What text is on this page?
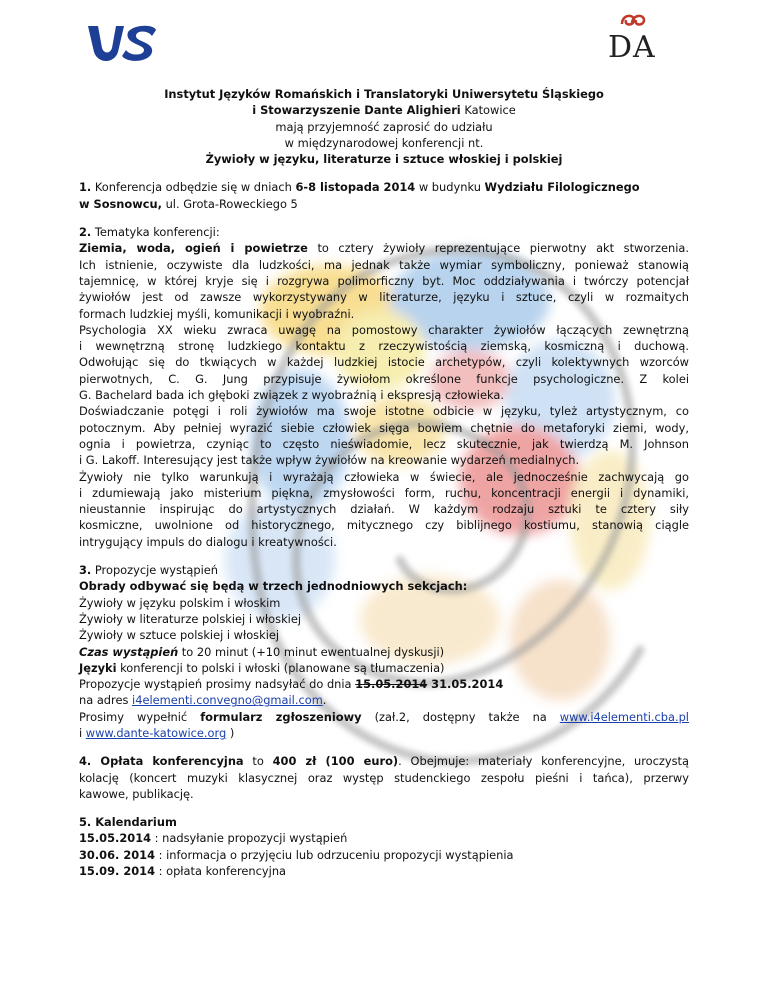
DA
Instytut Języków Romańskich i Translatoryki Uniwersytetu Śląskiego
i Stowarzyszenie Dante Alighieri Katowice
mają przyjemność zaprosić do udziału
w międzynarodowej konferencji nt.
Żywioły w języku, literaturze i sztuce włoskiej i polskiej
1. Konferencja odbędzie się w dniach 6-8 listopada 2014 w budynku Wydziału Filologicznego
w Sosnowcu, ul. Grota-Roweckiego 5
2. Tematyka konferencji:
Ziemia, woda, ogień i powietrze to cztery żywioły reprezentujące pierwotny akt stworzenia.
Ich istnienie, oczywiste dla ludzkości, ma jednak także wymiar symboliczny, ponieważ stanowią
tajemnicę, w której kryje się i rozgrywa polimorficzny byt. Moc oddziaływania i twórczy potencjał
żywiołów jest od zawsze wykorzystywany w literaturze, języku i sztuce, czyli w rozmaitych
formach ludzkiej myśli, komunikacji i wyobraźni.
Psychologia XX wieku zwraca uwagę na pomostowy charakter żywiołów łączących zewnętrzną
i wewnętrzną stronę ludzkiego kontaktu z rzeczywistością ziemską, kosmiczną i duchową.
Odwołując się do tkwiących w każdej ludzkiej istocie archetypów, czyli kolektywnych wzorców
pierwotnych, C. G. Jung przypisuje żywiołom określone funkcje psychologiczne. Z kolei
G. Bachelard bada ich głęboki związek z wyobraźnią i ekspresją człowieka.
Doświadczanie potęgi i roli żywiołów ma swoje istotne odbicie w języku, tyleż artystycznym, co
potocznym. Aby pełniej wyrazić siebie człowiek sięga bowiem chętnie do metaforyki ziemi, wody,
ognia i powietrza, czyniąc to często nieświadomie, lecz skutecznie, jak twierdzą M. Johnson
i G. Lakoff. Interesujący jest także wpływ żywiołów na kreowanie wydarzeń medialnych.
Żywioły nie tylko warunkują i wyrażają człowieka w świecie, ale jednocześnie zachwycają go
i zdumiewają jako misterium piękna, zmysłowości form, ruchu, koncentracji energii i dynamiki,
nieustannie inspirując do artystycznych działań. W każdym rodzaju sztuki te cztery siły
kosmiczne, uwolnione od historycznego, mitycznego czy biblijnego kostiumu, stanowią ciągle
intrygujący impuls do dialogu i kreatywności.
3. Propozycje wystąpień
Obrady odbywać się będą w trzech jednodniowych sekcjach:
Żywioły w języku polskim i włoskim
Żywioły w literaturze polskiej i włoskiej
Żywioły w sztuce polskiej i włoskiej
Czas wystąpień to 20 minut (+10 minut ewentualnej dyskusji)
Języki konferencji to polski i włoski (planowane są tłumaczenia)
Propozycje wystąpień prosimy nadsyłać do dnia 15.05.2014 31.05.2014
na adres i4elementi.convegno@gmail.com.
Prosimy wypełnić formularz zgłoszeniowy (zał.2, dostępny także na www.i4elementi.cba.pl
i www.dante-katowice.org )
4. Opłata konferencyjna to 400 zł (100 euro). Obejmuje: materiały konferencyjne, uroczystą
kolację (koncert muzyki klasycznej oraz występ studenckiego zespołu pieśni i tańca), przerwy
kawowe, publikację.
5. Kalendarium
15.05.2014 : nadsyłanie propozycji wystąpień
30.06. 2014 : informacja o przyjęciu lub odrzuceniu propozycji wystąpienia
15.09. 2014 : opłata konferencyjna
